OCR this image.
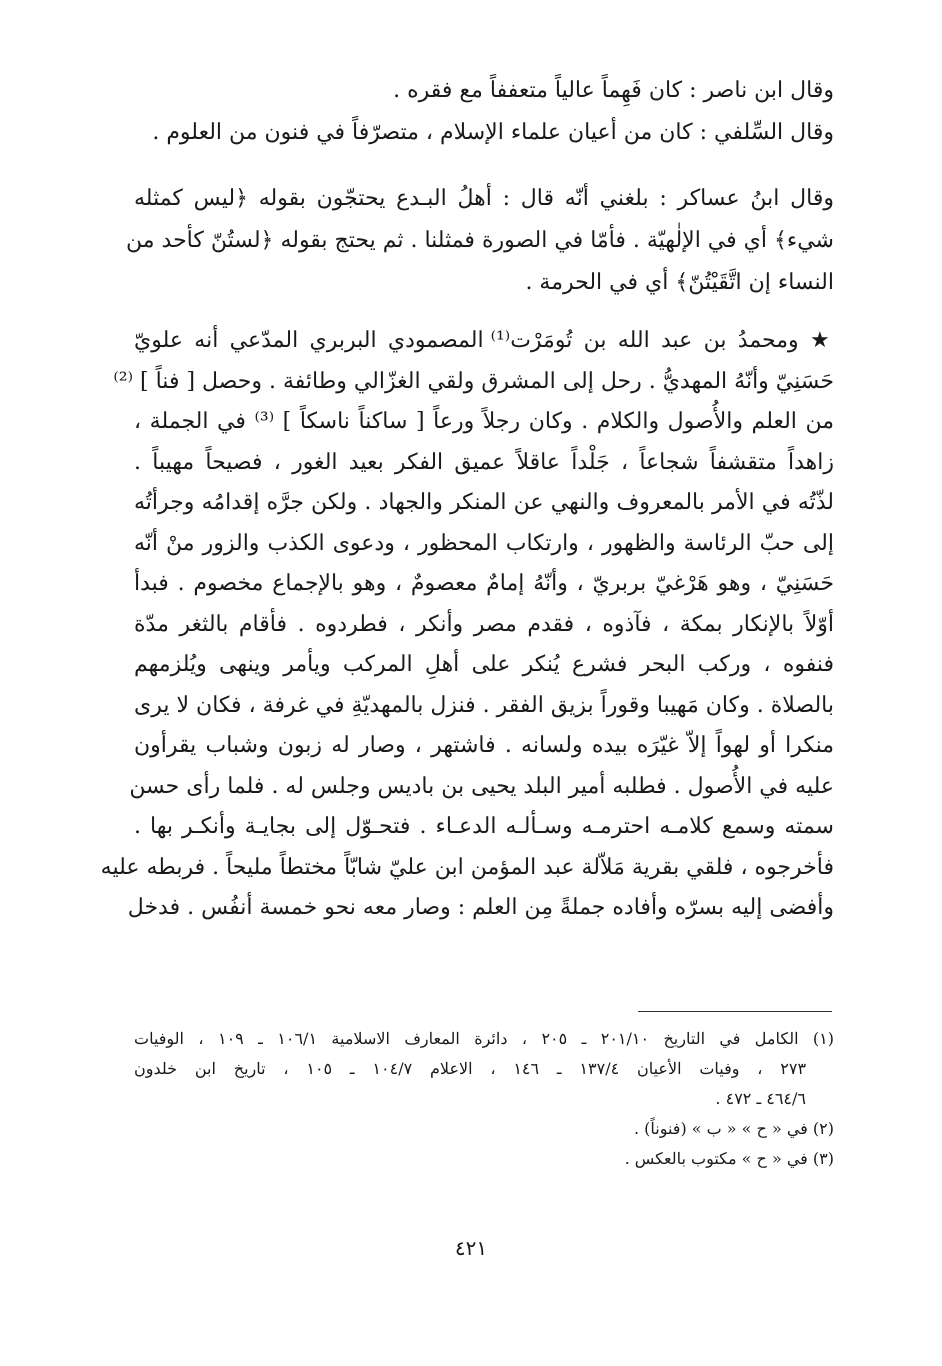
وقال ابن ناصر : كان فَهِماً عالياً متعففاً مع فقره .
وقال السِّلفي : كان من أعيان علماء الإسلام ، متصرّفاً في فنون من العلوم .
وقال ابنُ عساكر : بلغني أنّه قال : أهلُ البـدع يحتجّون بقوله ﴿ليس كمثله
شيء﴾ أي في الإلٰهيّة . فأمّا في الصورة فمثلنا . ثم يحتج بقوله ﴿لستُنّ كأحد من
النساء إن اتَّقَيْتُنّ﴾ أي في الحرمة .
★ ومحمدُ بن عبد الله بن تُومَرْت⁽¹⁾ المصمودي البربري المدّعي أنه علويّ
حَسَنِيّ وأنّهُ المهديُّ . رحل إلى المشرق ولقي الغزّالي وطائفة . وحصل [ فناً ] ⁽²⁾
من العلم والأُصول والكلام . وكان رجلاً ورعاً [ ساكناً ناسكاً ] ⁽³⁾ في الجملة ،
زاهداً متقشفاً شجاعاً ، جَلْداً عاقلاً عميق الفكر بعيد الغور ، فصيحاً مهيباً .
لذّتُه في الأمر بالمعروف والنهي عن المنكر والجهاد . ولكن جرَّه إقدامُه وجرأتُه
إلى حبّ الرئاسة والظهور ، وارتكاب المحظور ، ودعوى الكذب والزور منْ أنّه
حَسَنِيّ ، وهو هَرْغيّ بربريّ ، وأنّهُ إمامٌ معصومٌ ، وهو بالإجماع مخصوم . فبدأ
أوّلاً بالإنكار بمكة ، فآذوه ، فقدم مصر وأنكر ، فطردوه . فأقام بالثغر مدّة
فنفوه ، وركب البحر فشرع يُنكر على أهلِ المركب ويأمر وينهى ويُلزمهم
بالصلاة . وكان مَهيبا وقوراً بزيق الفقر . فنزل بالمهديّةِ في غرفة ، فكان لا يرى
منكرا أو لهواً إلاّ غيّرَه بيده ولسانه . فاشتهر ، وصار له زبون وشباب يقرأون
عليه في الأُصول . فطلبه أمير البلد يحيى بن باديس وجلس له . فلما رأى حسن
سمته وسمع كلامـه احترمـه وسـألـه الدعـاء . فتحـوّل إلى بجايـة وأنكـر بها .
فأخرجوه ، فلقي بقرية مَلاّلة عبد المؤمن ابن عليّ شابّاً مختطاً مليحاً . فربطه عليه
وأفضى إليه بسرّه وأفاده جملةً مِن العلم : وصار معه نحو خمسة أنفُس . فدخل
(١) الكامل في التاريخ ٢٠١/١٠ ـ ٢٠٥ ، دائرة المعارف الاسلامية ١٠٦/١ ـ ١٠٩ ، الوفيات
٢٧٣ ، وفيات الأعيان ١٣٧/٤ ـ ١٤٦ ، الاعلام ١٠٤/٧ ـ ١٠٥ ، تاريخ ابن خلدون
٤٦٤/٦ ـ ٤٧٢ .
(٢) في « ح » « ب » (فنوناً) .
(٣) في « ح » مكتوب بالعكس .
٤٢١
